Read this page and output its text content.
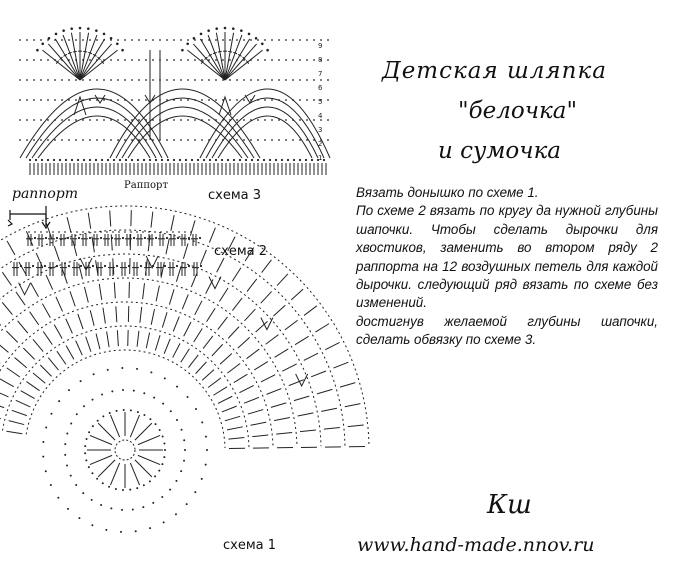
9
8
7
6
5
4
3
2
1
Раппорт
раппорт	схема 3
схема 2
схема 1
Детская шляпка
"белочка"
и сумочка

Вязать донышко по схеме 1.

По схеме 2 вязать по кругу да нужной глубины шапочки. Чтобы сделать дырочки для хвостиков, заменить во втором ряду 2 раппорта на 12 воздушных петель для каждой дырочки. следующий ряд вязать по схеме без изменений.

достигнув желаемой глубины шапочки, сделать обвязку по схеме 3.

Кш
www.hand-made.nnov.ru
